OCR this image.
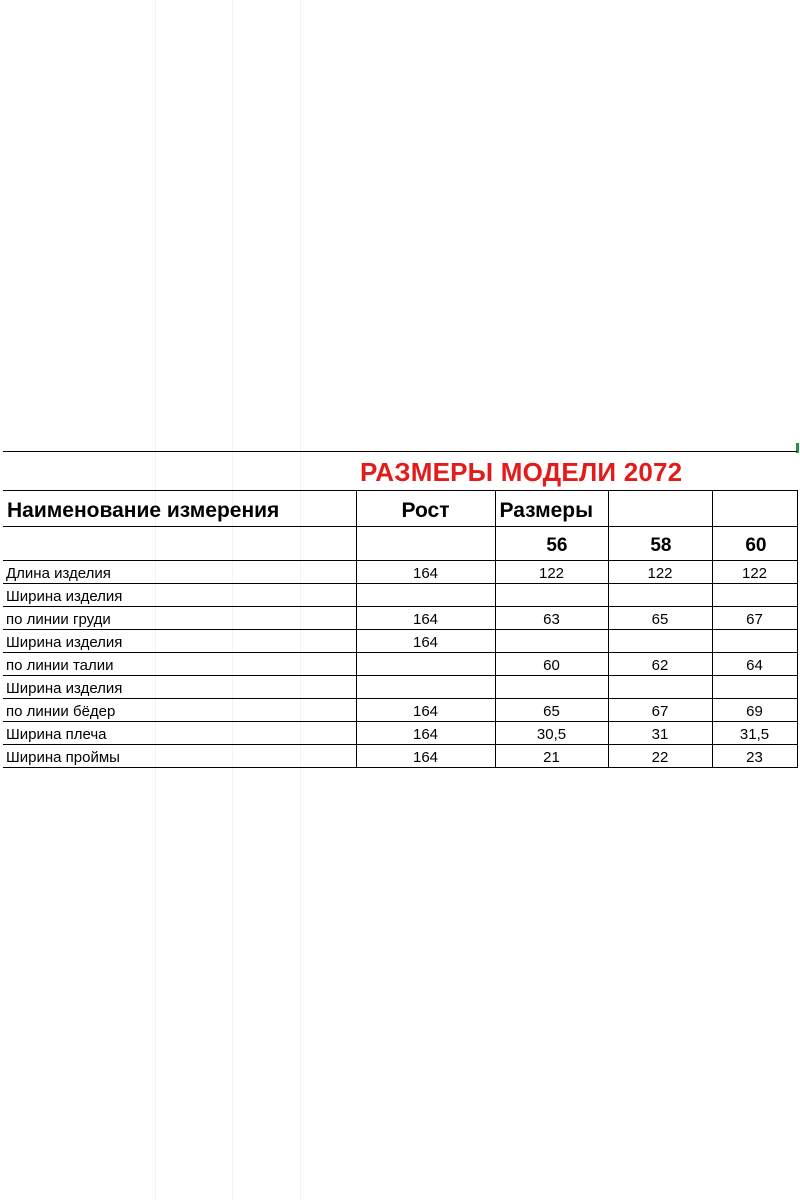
	РАЗМЕРЫ МОДЕЛИ 2072			

Наименование измерения	Рост	Размеры		
		56	58	60
Длина изделия	164	122	122	122
Ширина изделия				
по линии груди	164	63	65	67
Ширина изделия	164			
по линии талии		60	62	64
Ширина изделия				
по линии бёдер	164	65	67	69
Ширина плеча	164	30,5	31	31,5
Ширина проймы	164	21	22	23
